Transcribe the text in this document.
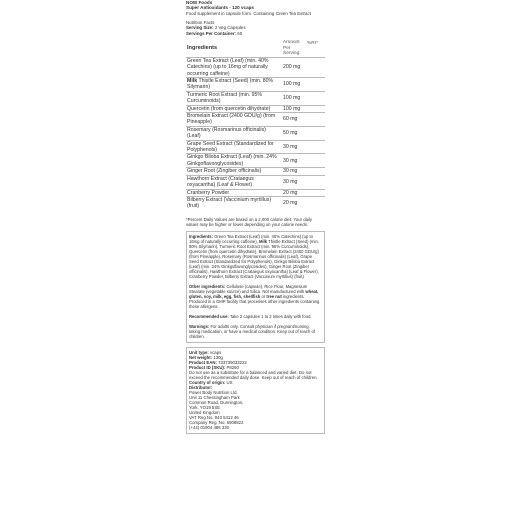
NOW Foods
Super Antioxidants - 120 vcaps
Food supplement in capsule form. Containing Green Tea Extract
Nutrition Facts
Serving Size: 2 Veg Capsules
Servings Per Container: 60
Ingredients	Amount Per Serving:	%RI*
Green Tea Extract (Leaf) (min. 40% Catechins) (up to 16mg of naturally occurring caffeine)	200 mg	
Milk Thistle Extract (Seed) (min. 80% Silymarin)	100 mg	
Turmeric Root Extract (min. 95% Curcuminoids)	100 mg	
Quercetin (from quercetin dihydrate)	100 mg	
Bromelain Extract (2400 GDU/g) (from Pineapple)	60 mg	
Rosemary (Rosmarinus officinalis) (Leaf)	50 mg	
Grape Seed Extract (Standardized for Polyphenols)	30 mg	
Ginkgo Biloba Extract (Leaf) (min. 24% Ginkgoflavonglycosides)	30 mg	
Ginger Root (Zingiber officinalis)	30 mg	
Hawthorn Extract (Crataegus oxyacantha) (Leaf & Flower)	30 mg	
Cranberry Powder	20 mg	
Bilberry Extract (Vaccinium myrtillus) (fruit)	20 mg	
*Percent Daily Values are based on a 2,000 calorie diet. Your daily values may be higher or lower depending on your calorie needs.
Ingredients: Green Tea Extract (Leaf) (min. 40% Catechins) (up to 16mg of naturally occurring caffeine), Milk Thistle Extract (Seed) (min. 80% Silymarin), Turmeric Root Extract (min. 95% Curcuminoids), Quercetin (from quercetin dihydrate), Bromelain Extract (2400 GDU/g) (from Pineapple), Rosemary (Rosmarinus officinalis) (Leaf), Grape Seed Extract (Standardized for Polyphenols), Ginkgo Biloba Extract (Leaf) (min. 24% Ginkgoflavonglycosides), Ginger Root (Zingiber officinalis), Hawthorn Extract (Crataegus oxyacantha) (Leaf & Flower), Cranberry Powder, Bilberry Extract (Vaccinium myrtillus) (fruit)
Other ingredients: Cellulose (capsule), Rice Flour, Magnesium Stearate (vegetable source) and Silica. Not manufactured with wheat, gluten, soy, milk, egg, fish, shellfish or tree nut ingredients. Produced in a GMP facility that processes other ingredients containing these allergens.
Recommended use: Take 2 capsules 1 to 2 times daily with food.
Warnings: For adults only. Consult physician if pregnant/nursing, taking medication, or have a medical condition. Keep out of reach of children.
Unit type: vcaps
Net weight: 130g
Product EAN: 733739033222
Product ID (SKU): P8260
Do not use as a substitute for a balanced and varied diet. Do not exceed the recommended daily dose. Keep out of reach of children.
Country of origin: US
Distributor:
Power Body Nutrition Ltd.
Unit 11 Chessingham Park
Common Road, Dunnington,
York, YO19 5SE
United Kingdom
VAT Reg No. 840 5412 46
Company Reg. No. 6908822
(+44) 01904 486 330
